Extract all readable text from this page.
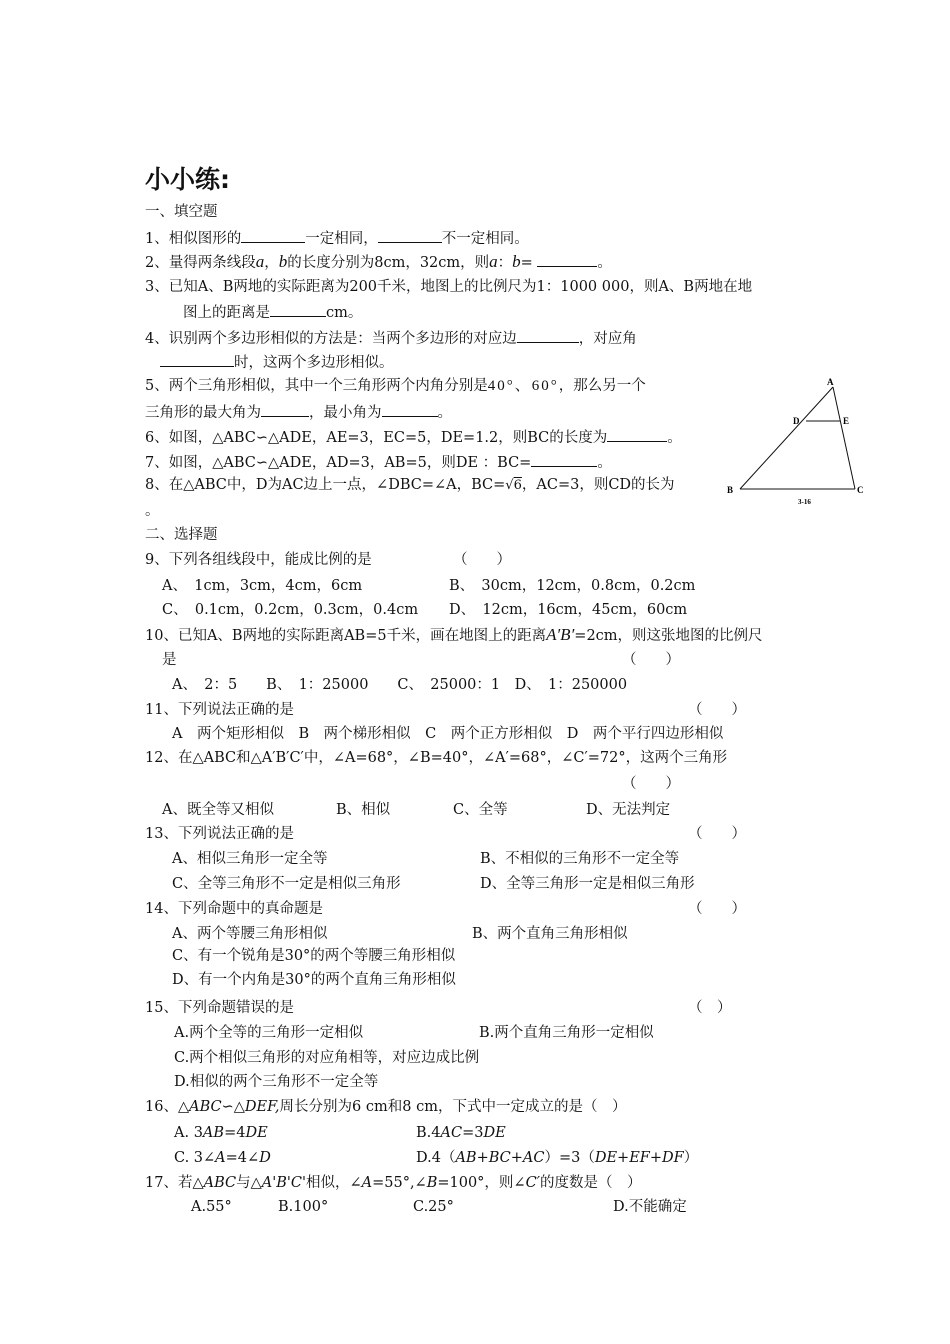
小小练:
一、填空题
1、相似图形的	一定相同，	不一定相同。
2、量得两条线段a，b的长度分别为8cm，32cm，则a：b=	。
3、已知A、B两地的实际距离为200千米，地图上的比例尺为1：1000 000，则A、B两地在地
图上的距离是	cm。
4、识别两个多边形相似的方法是：当两个多边形的对应边	，对应角
时，这两个多边形相似。
5、两个三角形相似，其中一个三角形两个内角分别是40°、60°，那么另一个
三角形的最大角为	，最小角为	。
6、如图，△ABC∽△ADE，AE=3，EC=5，DE=1.2，则BC的长度为	。
7、如图，△ABC∽△ADE，AD=3，AB=5，则DE ：BC=	。
8、在△ABC中，D为AC边上一点，∠DBC=∠A，BC=√6，AC=3，则CD的长为
。
A
D	E
B	C
3-16
二、选择题
9、下列各组线段中，能成比例的是	（　　）
A、　1cm，3cm，4cm，6cm	B、　30cm，12cm，0.8cm，0.2cm
C、　0.1cm，0.2cm，0.3cm，0.4cm D、　12cm，16cm，45cm，60cm
10、已知A、B两地的实际距离AB=5千米，画在地图上的距离A′B′=2cm，则这张地图的比例尺
是	（　　）
A、　2：5　　B、　1：25000　　C、　25000：1　D、　1：250000
11、下列说法正确的是	（　　）
A　两个矩形相似　B　两个梯形相似　C　两个正方形相似　D　两个平行四边形相似
12、在△ABC和△A′B′C′中，∠A=68°，∠B=40°，∠A′=68°，∠C′=72°，这两个三角形
（　　）
A、既全等又相似	B、相似	C、全等	D、无法判定
13、下列说法正确的是	（　　）
A、相似三角形一定全等	B、不相似的三角形不一定全等
C、全等三角形不一定是相似三角形	D、全等三角形一定是相似三角形
14、下列命题中的真命题是	（　　）
A、两个等腰三角形相似	B、两个直角三角形相似
C、有一个锐角是30°的两个等腰三角形相似
D、有一个内角是30°的两个直角三角形相似
15、下列命题错误的是	（　）
A.两个全等的三角形一定相似	B.两个直角三角形一定相似
C.两个相似三角形的对应角相等，对应边成比例
D.相似的两个三角形不一定全等
16、△ABC∽△DEF,周长分别为6 cm和8 cm，下式中一定成立的是（　）
A. 3AB=4DE	B.4AC=3DE
C. 3∠A=4∠D	D.4（AB+BC+AC）=3（DE+EF+DF）
17、若△ABC与△A'B'C'相似，∠A=55°,∠B=100°，则∠C′的度数是（　）
A.55°	B.100°	C.25°	D.不能确定
